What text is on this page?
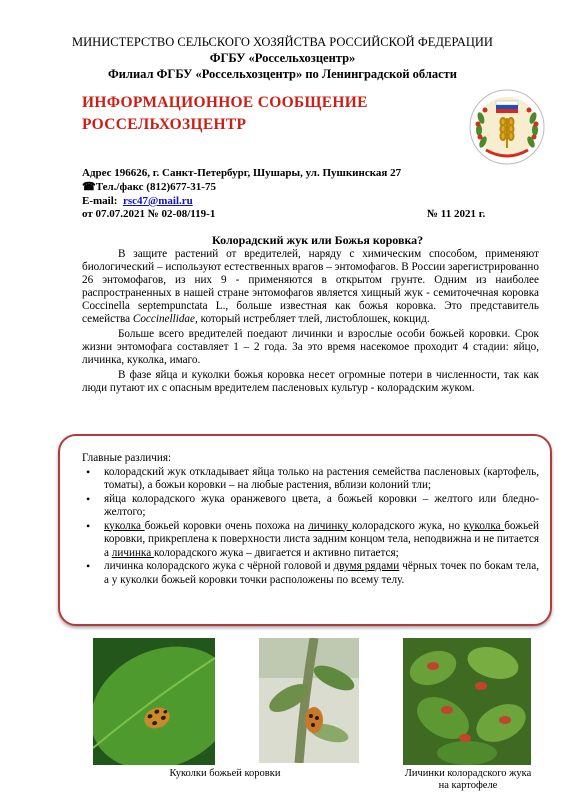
МИНИСТЕРСТВО СЕЛЬСКОГО ХОЗЯЙСТВА РОССИЙСКОЙ ФЕДЕРАЦИИ
ФГБУ «Россельхозцентр»
Филиал ФГБУ «Россельхозцентр» по Ленинградской области
ИНФОРМАЦИОННОЕ СООБЩЕНИЕ
РОССЕЛЬХОЗЦЕНТР
Адрес 196626, г. Санкт-Петербург, Шушары, ул. Пушкинская 27
☎Тел./факс (812)677-31-75
E-mail: rsc47@mail.ru
от 07.07.2021 № 02-08/119-1	№ 11 2021 г.
Колорадский жук или Божья коровка?

В защите растений от вредителей, наряду с химическим способом, применяют биологический – используют естественных врагов – энтомофагов. В России зарегистрированно 26 энтомофагов, из них 9 - применяются в открытом грунте. Одним из наиболее распространенных в нашей стране энтомофагов является хищный жук - семиточечная коровка Coccinella septempunctata L., больше известная как божья коровка. Это представитель семейства Coccinellidae, который истребляет тлей, листоблошек, кокцид.

Больше всего вредителей поедают личинки и взрослые особи божьей коровки. Срок жизни энтомофага составляет 1 – 2 года. За это время насекомое проходит 4 стадии: яйцо, личинка, куколка, имаго.

В фазе яйца и куколки божья коровка несет огромные потери в численности, так как люди путают их с опасным вредителем пасленовых культур - колорадским жуком.

Главные различия:
• колорадский жук откладывает яйца только на растения семейства пасленовых (картофель, томаты), а божьи коровки – на любые растения, вблизи колоний тли;
• яйца колорадского жука оранжевого цвета, а божьей коровки – желтого или бледно-желтого;
• куколка божьей коровки очень похожа на личинку колорадского жука, но куколка божьей коровки, прикреплена к поверхности листа задним концом тела, неподвижна и не питается а личинка колорадского жука – двигается и активно питается;
• личинка колорадского жука с чёрной головой и двумя рядами чёрных точек по бокам тела, а у куколки божьей коровки точки расположены по всему телу.
Куколки божьей коровки	Личинки колорадского жука
на картофеле
